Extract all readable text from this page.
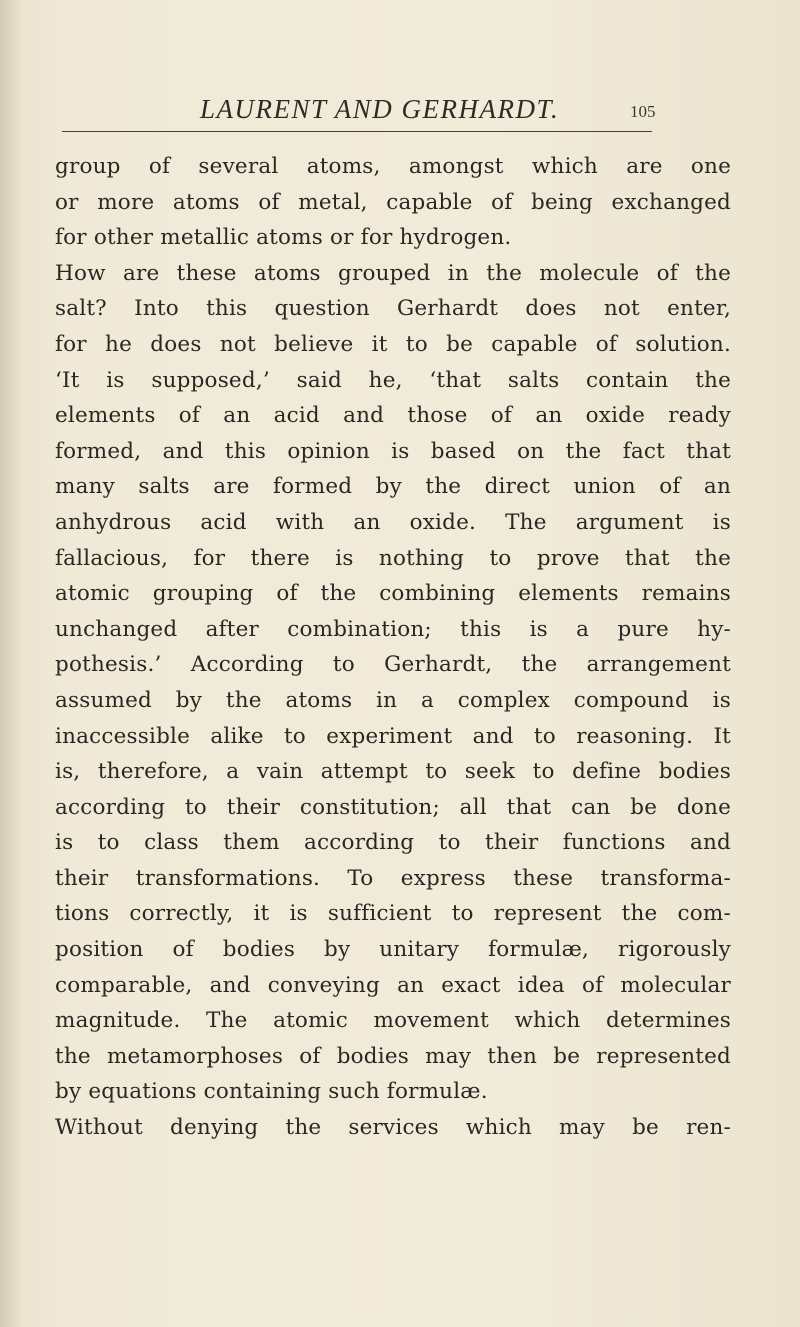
LAURENT AND GERHARDT.	105
group of several atoms, amongst which are one
or more atoms of metal, capable of being exchanged
for other metallic atoms or for hydrogen.
How are these atoms grouped in the molecule of the
salt? Into this question Gerhardt does not enter,
for he does not believe it to be capable of solution.
‘It is supposed,’ said he, ‘that salts contain the
elements of an acid and those of an oxide ready
formed, and this opinion is based on the fact that
many salts are formed by the direct union of an
anhydrous acid with an oxide. The argument is
fallacious, for there is nothing to prove that the
atomic grouping of the combining elements remains
unchanged after combination; this is a pure hy-
pothesis.’ According to Gerhardt, the arrangement
assumed by the atoms in a complex compound is
inaccessible alike to experiment and to reasoning. It
is, therefore, a vain attempt to seek to define bodies
according to their constitution; all that can be done
is to class them according to their functions and
their transformations. To express these transforma-
tions correctly, it is sufficient to represent the com-
position of bodies by unitary formulæ, rigorously
comparable, and conveying an exact idea of molecular
magnitude. The atomic movement which determines
the metamorphoses of bodies may then be represented
by equations containing such formulæ.
Without denying the services which may be ren-
